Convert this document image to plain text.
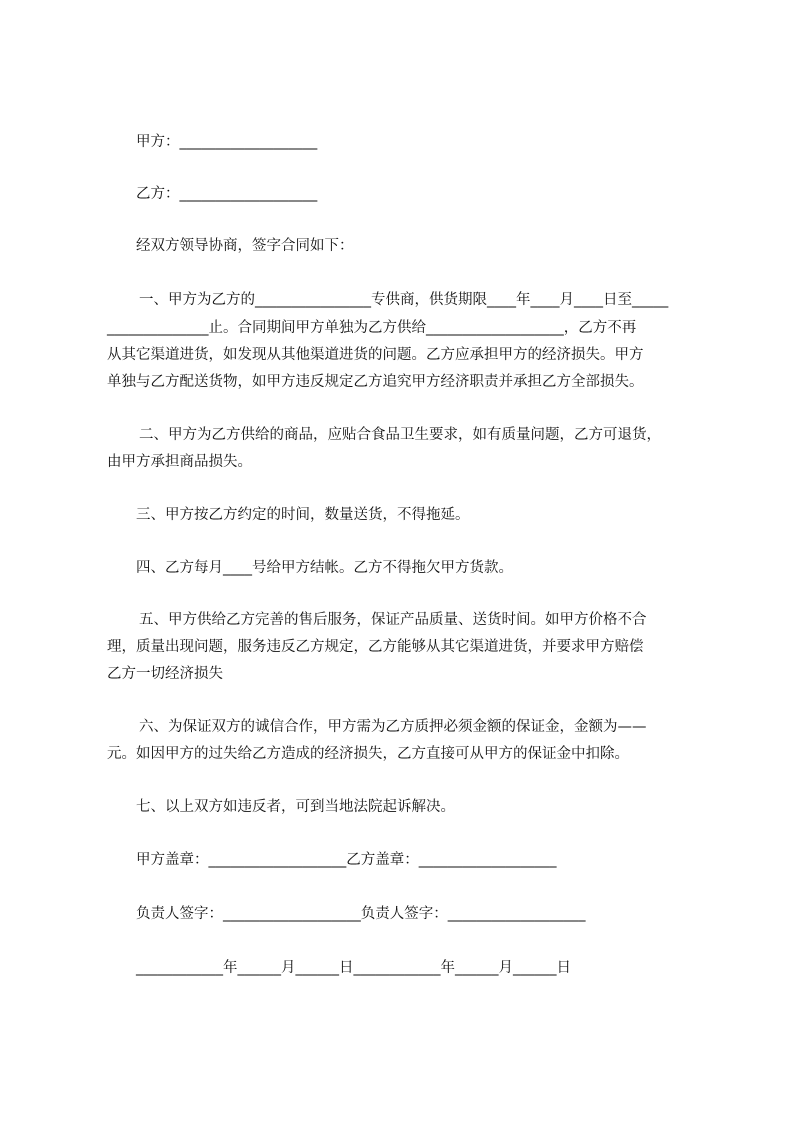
甲方：___________________
乙方：___________________
经双方领导协商，签字合同如下：
一、甲方为乙方的________________专供商，供货期限____年____月____日至_____
______________止。合同期间甲方单独为乙方供给___________________，乙方不再
从其它渠道进货，如发现从其他渠道进货的问题。乙方应承担甲方的经济损失。甲方
单独与乙方配送货物，如甲方违反规定乙方追究甲方经济职责并承担乙方全部损失。
二、甲方为乙方供给的商品，应贴合食品卫生要求，如有质量问题，乙方可退货，
由甲方承担商品损失。
三、甲方按乙方约定的时间，数量送货，不得拖延。
四、乙方每月____号给甲方结帐。乙方不得拖欠甲方货款。
五、甲方供给乙方完善的售后服务，保证产品质量、送货时间。如甲方价格不合
理，质量出现问题，服务违反乙方规定，乙方能够从其它渠道进货，并要求甲方赔偿
乙方一切经济损失
六、为保证双方的诚信合作，甲方需为乙方质押必须金额的保证金，金额为——
元。如因甲方的过失给乙方造成的经济损失，乙方直接可从甲方的保证金中扣除。
七、以上双方如违反者，可到当地法院起诉解决。
甲方盖章：___________________乙方盖章：___________________
负责人签字：___________________负责人签字：___________________
____________年______月______日____________年______月______日
